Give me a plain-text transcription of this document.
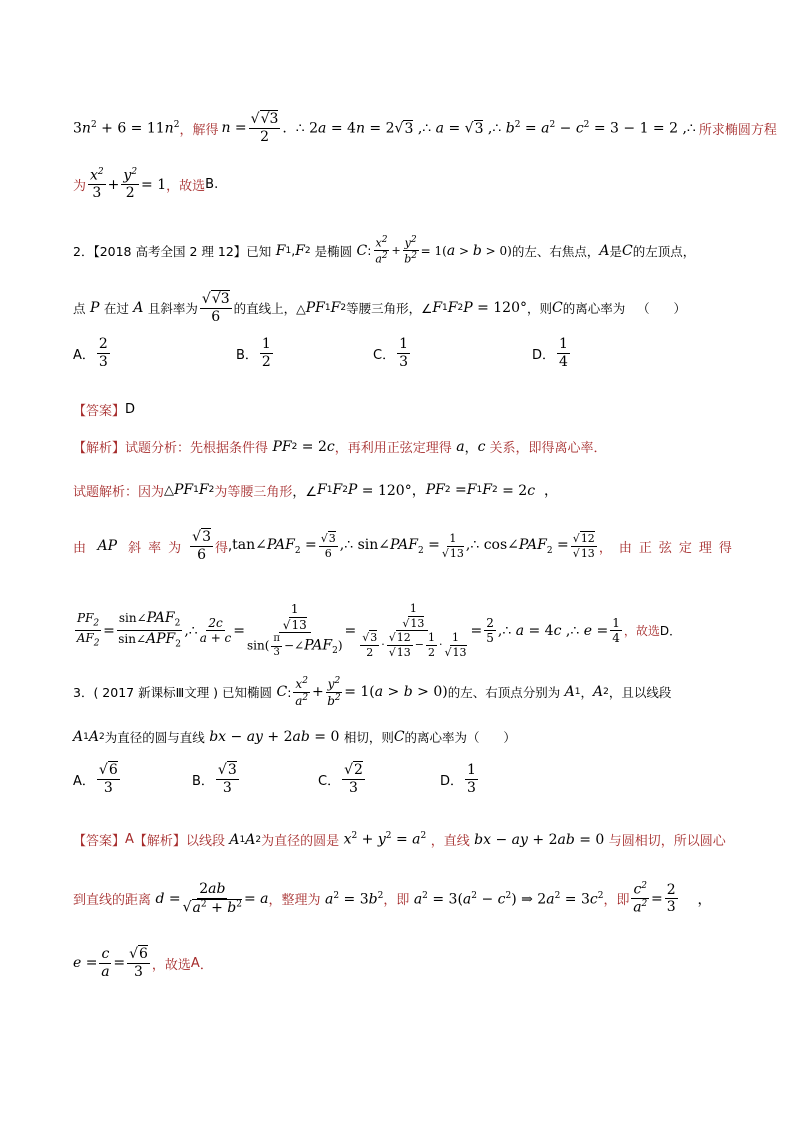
$3n^2 + 6 = 11n^2$ ，解得 $n = \frac{√√3}{2}$ .  ∴ 2a = 4n = 2√3 ,∴ a = √3 ,∴ $b^2 = a^2 - c^2 = 3 - 1 = 2$ ,∴ 所求椭圆方程
为 $\frac{x^2}{3} + \frac{y^2}{2} = 1$ ，故选 B .
2．【2018 高考全国 2 理 12】已知 F 1 , F 2 是椭圆 C : $\frac{x^2}{a^2} + \frac{y^2}{b^2} = 1(a > b > 0)$ 的左、右焦点， A 是 C 的左顶点，
点 P 在过 A 且斜率为 $\frac{√√3}{6}$ 的直线上，△ PF 1 F 2 等腰三角形，∠ F 1 F 2 P = 120° ，则 C 的离心率为   （      ）
A． $\frac{2}{3}$	B． $\frac{1}{2}$	C． $\frac{1}{3}$	D． $\frac{1}{4}$
【答案】 D
【解析】 试题分析：先根据条件得 PF 2 = 2c ，再利用正弦定理得 a ， c 关系，即得离心率．
试题解析：因为 △ PF 1 F 2 为等腰三角形 ，∠ F 1 F 2 P = 120°， PF 2 = F 1 F 2 = 2c  ，
由 AP 斜率为 $\frac{√3}{6}$ 得 , $\tan\angle PAF_2 = \frac{√3}{6}$ ,∴ $\sin\angle PAF_2 = \frac{1}{√13}$ ,∴ $\cos\angle PAF_2 = \frac{√12}{√13}$ ，由正弦定理得
$\frac{PF_2}{AF_2} = \frac{\sin\angle PAF_2}{\sin\angle APF_2}$ ,∴ $\frac{2c}{a + c} = \frac{\frac{1}{√13}}{\sin( \frac{\pi}{3} -\angle PAF_2)} = \frac{\frac{1}{√13}}{\frac{√3}{2} \cdot \frac{√12}{√13} - \frac{1}{2} \cdot \frac{1}{√13}} = \frac{2}{5}$ ,∴ a = 4c ,∴ $e = \frac{1}{4}$ ，故选 D ．
3．( 2017 新课标Ⅲ文理 ) 已知椭圆 C : $\frac{x^2}{a^2} + \frac{y^2}{b^2} = 1(a > b > 0)$ 的左、右顶点分别为 A 1 ， A 2 ，且以线段
A 1 A 2 为直径的圆与直线 bx − ay + 2ab = 0 相切，则 C 的离心率为（      ）
A． $\frac{√6}{3}$	B． $\frac{√3}{3}$	C． $\frac{√2}{3}$	D． $\frac{1}{3}$
【答案】 A 【解析】 以线段 A 1 A 2 为直径的圆是 $x^2 + y^2 = a^2$ ，直线 bx − ay + 2ab = 0 与圆相切，所以圆心
到直线的距离 $d = \frac{2ab}{√a^2 + b^2} = a$ ，整理为 $a^2 = 3b^2$ ，即 $a^2 = 3(a^2 - c^2)$ ⇒ $2a^2 = 3c^2$ ，即 $\frac{c^2}{a^2} = \frac{2}{3}$ ，
$e = \frac{c}{a} = \frac{√6}{3}$ ，故选 A ．
